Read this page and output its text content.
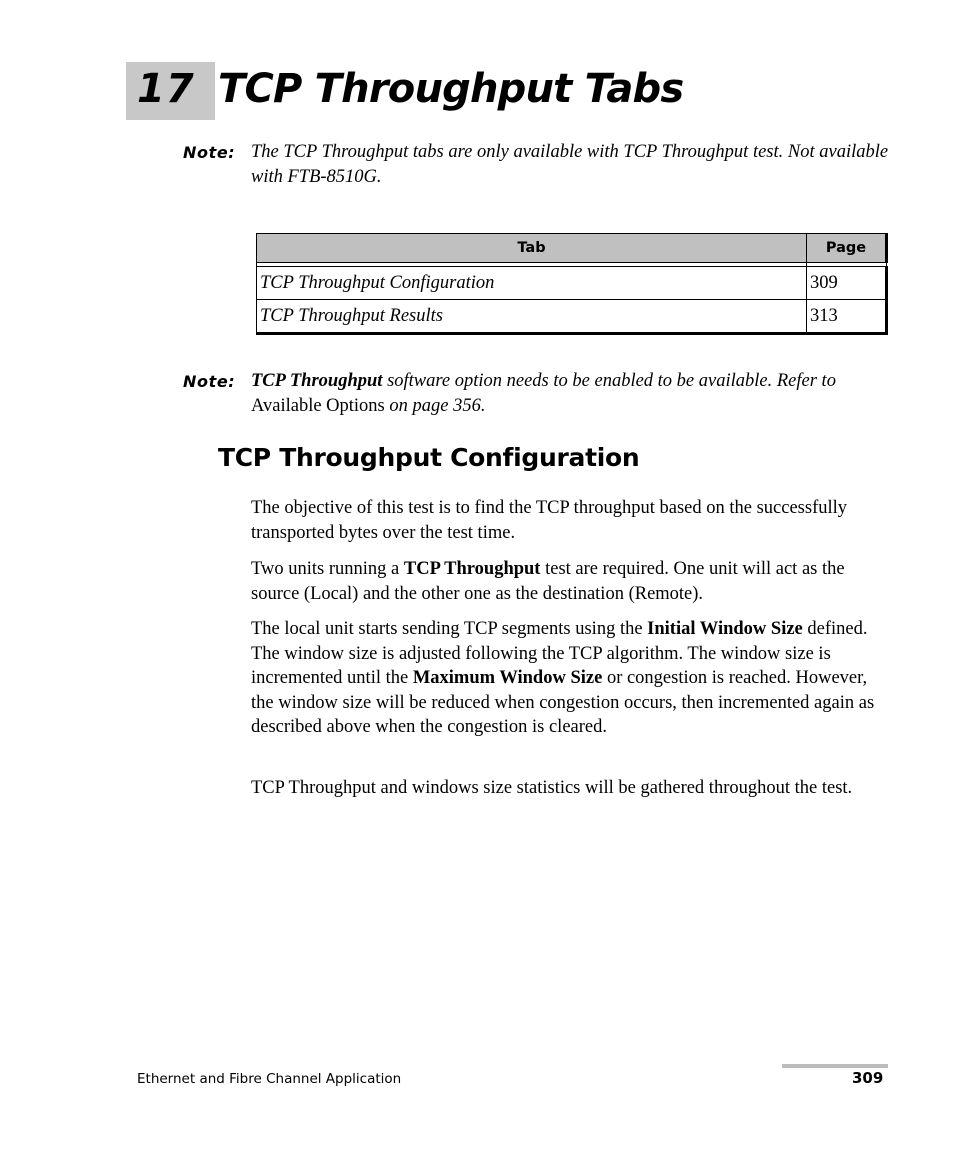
17 TCP Throughput Tabs
Note: The TCP Throughput tabs are only available with TCP Throughput test. Not available with FTB-8510G.
Tab	Page

TCP Throughput Configuration	309
TCP Throughput Results	313
Note: TCP Throughput software option needs to be enabled to be available. Refer to Available Options on page 356.
TCP Throughput Configuration

The objective of this test is to find the TCP throughput based on the successfully transported bytes over the test time.

Two units running a TCP Throughput test are required. One unit will act as the source (Local) and the other one as the destination (Remote).

The local unit starts sending TCP segments using the Initial Window Size defined. The window size is adjusted following the TCP algorithm. The window size is incremented until the Maximum Window Size or congestion is reached. However, the window size will be reduced when congestion occurs, then incremented again as described above when the congestion is cleared.

TCP Throughput and windows size statistics will be gathered throughout the test.

Ethernet and Fibre Channel Application	309
